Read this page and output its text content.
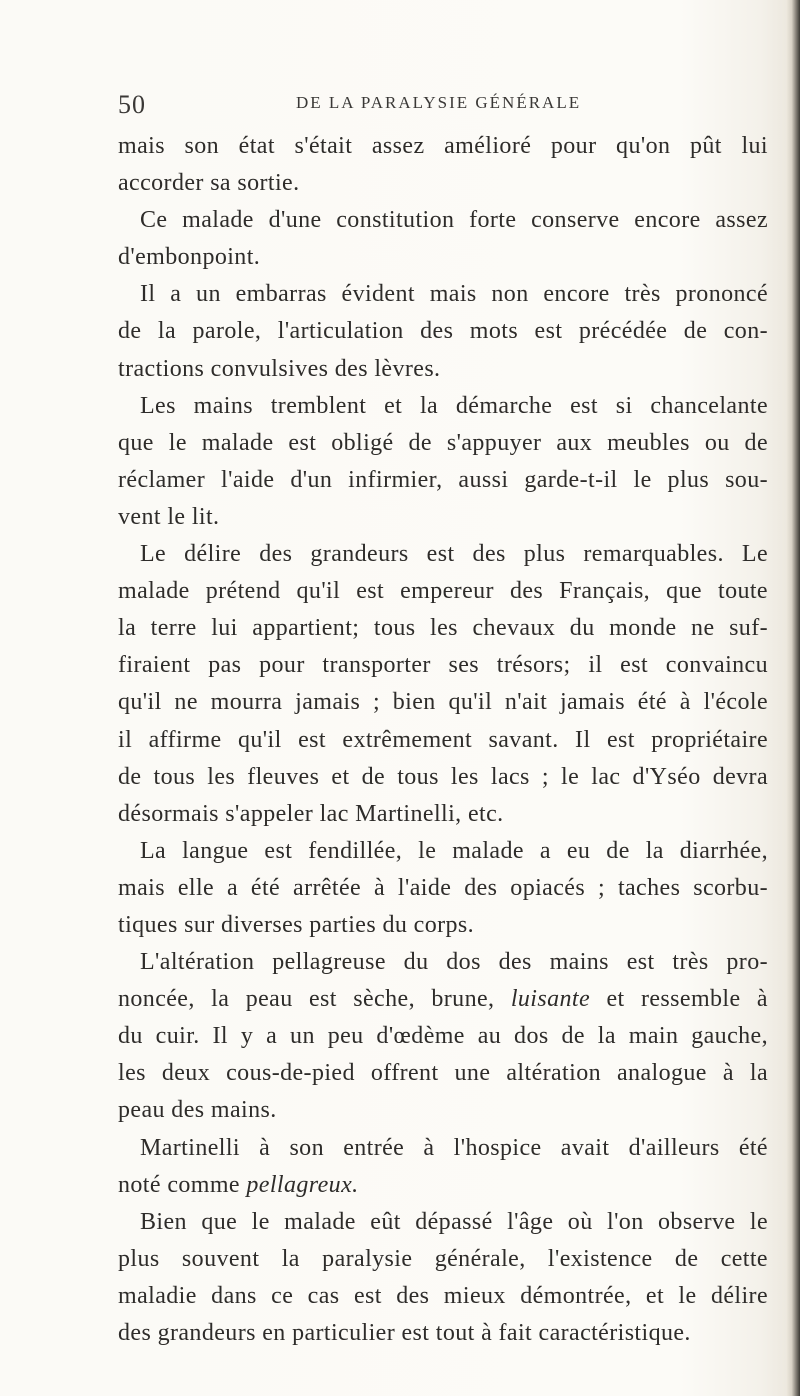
50	DE LA PARALYSIE GÉNÉRALE
mais son état s'était assez amélioré pour qu'on pût lui
accorder sa sortie.
Ce malade d'une constitution forte conserve encore assez
d'embonpoint.
Il a un embarras évident mais non encore très prononcé
de la parole, l'articulation des mots est précédée de con-
tractions convulsives des lèvres.
Les mains tremblent et la démarche est si chancelante
que le malade est obligé de s'appuyer aux meubles ou de
réclamer l'aide d'un infirmier, aussi garde-t-il le plus sou-
vent le lit.
Le délire des grandeurs est des plus remarquables. Le
malade prétend qu'il est empereur des Français, que toute
la terre lui appartient; tous les chevaux du monde ne suf-
firaient pas pour transporter ses trésors; il est convaincu
qu'il ne mourra jamais ; bien qu'il n'ait jamais été à l'école
il affirme qu'il est extrêmement savant. Il est propriétaire
de tous les fleuves et de tous les lacs ; le lac d'Yséo devra
désormais s'appeler lac Martinelli, etc.
La langue est fendillée, le malade a eu de la diarrhée,
mais elle a été arrêtée à l'aide des opiacés ; taches scorbu-
tiques sur diverses parties du corps.
L'altération pellagreuse du dos des mains est très pro-
noncée, la peau est sèche, brune, luisante et ressemble à
du cuir. Il y a un peu d'œdème au dos de la main gauche,
les deux cous-de-pied offrent une altération analogue à la
peau des mains.
Martinelli à son entrée à l'hospice avait d'ailleurs été
noté comme pellagreux.
Bien que le malade eût dépassé l'âge où l'on observe le
plus souvent la paralysie générale, l'existence de cette
maladie dans ce cas est des mieux démontrée, et le délire
des grandeurs en particulier est tout à fait caractéristique.
